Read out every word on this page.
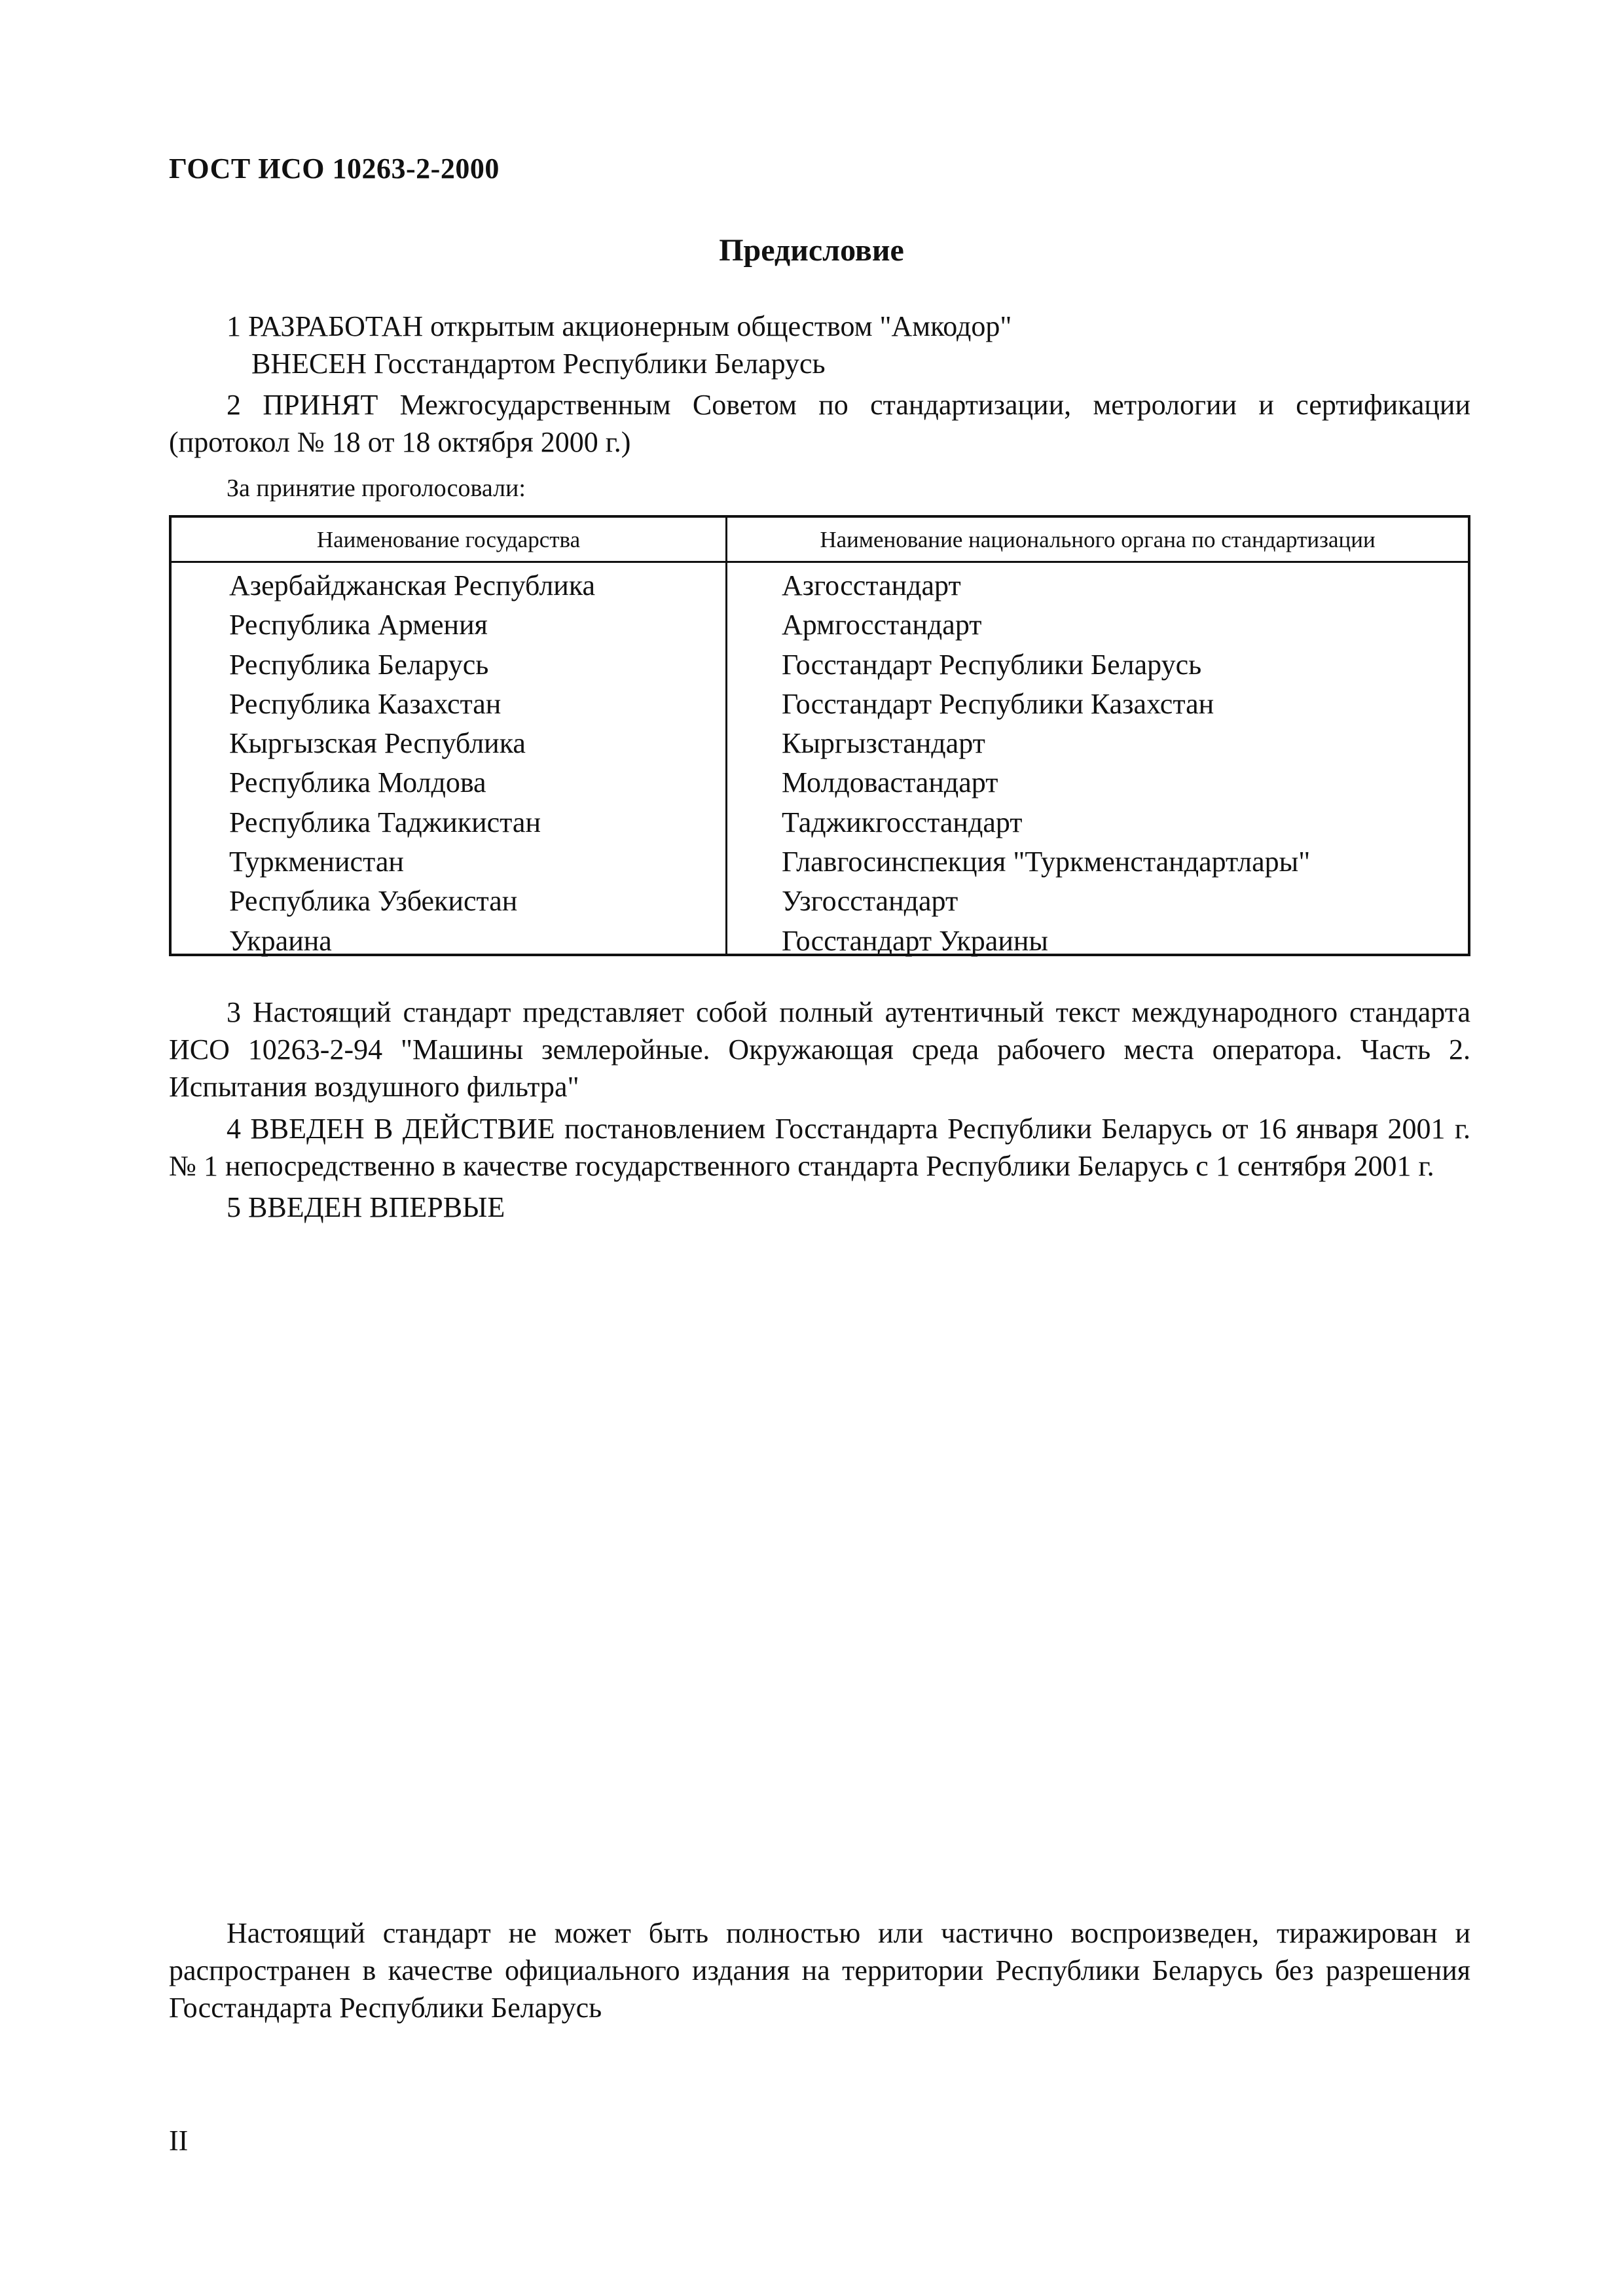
ГОСТ ИСО 10263-2-2000
Предисловие
1 РАЗРАБОТАН открытым акционерным обществом "Амкодор"
ВНЕСЕН Госстандартом Республики Беларусь
2 ПРИНЯТ Межгосударственным Советом по стандартизации, метрологии и сертификации
(протокол № 18 от 18 октября 2000 г.)
За принятие проголосовали:
Наименование государства	Наименование национального органа по стандартизации
Азербайджанская Республика	Азгосстандарт
Республика Армения	Армгосстандарт
Республика Беларусь	Госстандарт Республики Беларусь
Республика Казахстан	Госстандарт Республики Казахстан
Кыргызская Республика	Кыргызстандарт
Республика Молдова	Молдовастандарт
Республика Таджикистан	Таджикгосстандарт
Туркменистан	Главгосинспекция "Туркменстандартлары"
Республика Узбекистан	Узгосстандарт
Украина	Госстандарт Украины
3 Настоящий стандарт представляет собой полный аутентичный текст международного стандарта
ИСО 10263-2-94 "Машины землеройные. Окружающая среда рабочего места оператора. Часть 2.
Испытания воздушного фильтра"
4 ВВЕДЕН В ДЕЙСТВИЕ постановлением Госстандарта Республики Беларусь от 16 января 2001 г.
№ 1 непосредственно в качестве государственного стандарта Республики Беларусь с 1 сентября 2001 г.
5 ВВЕДЕН ВПЕРВЫЕ
Настоящий стандарт не может быть полностью или частично воспроизведен, тиражирован и
распространен в качестве официального издания на территории Республики Беларусь без разрешения
Госстандарта Республики Беларусь
II
